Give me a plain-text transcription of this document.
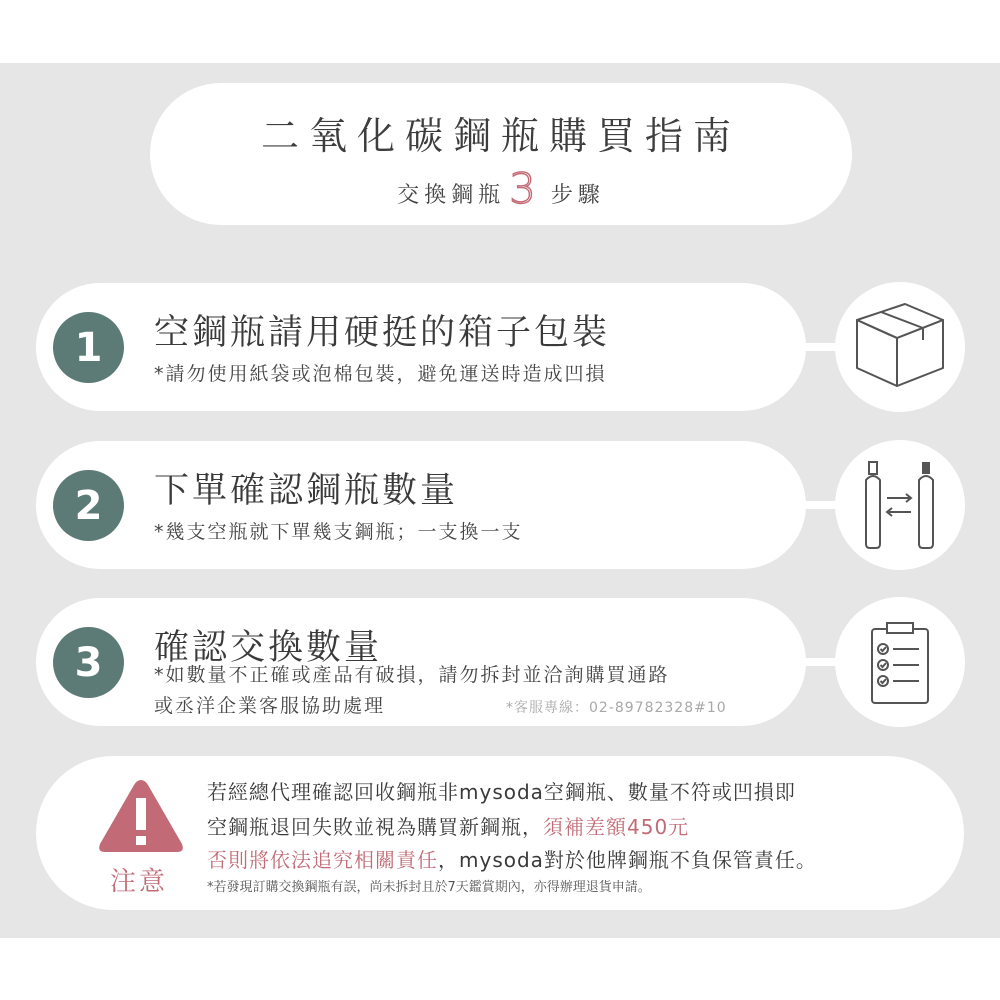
二氧化碳鋼瓶購買指南
交換鋼瓶 3 步驟
1	空鋼瓶請用硬挺的箱子包裝
*請勿使用紙袋或泡棉包裝，避免運送時造成凹損
2	下單確認鋼瓶數量
*幾支空瓶就下單幾支鋼瓶；一支換一支
3	確認交換數量
*如數量不正確或產品有破損，請勿拆封並洽詢購買通路
或丞洋企業客服協助處理	*客服專線：02-89782328#10
注意
若經總代理確認回收鋼瓶非mysoda空鋼瓶、數量不符或凹損即
空鋼瓶退回失敗並視為購買新鋼瓶，須補差額450元
否則將依法追究相關責任，mysoda對於他牌鋼瓶不負保管責任。
*若發現訂購交換鋼瓶有誤，尚未拆封且於7天鑑賞期內，亦得辦理退貨申請。
